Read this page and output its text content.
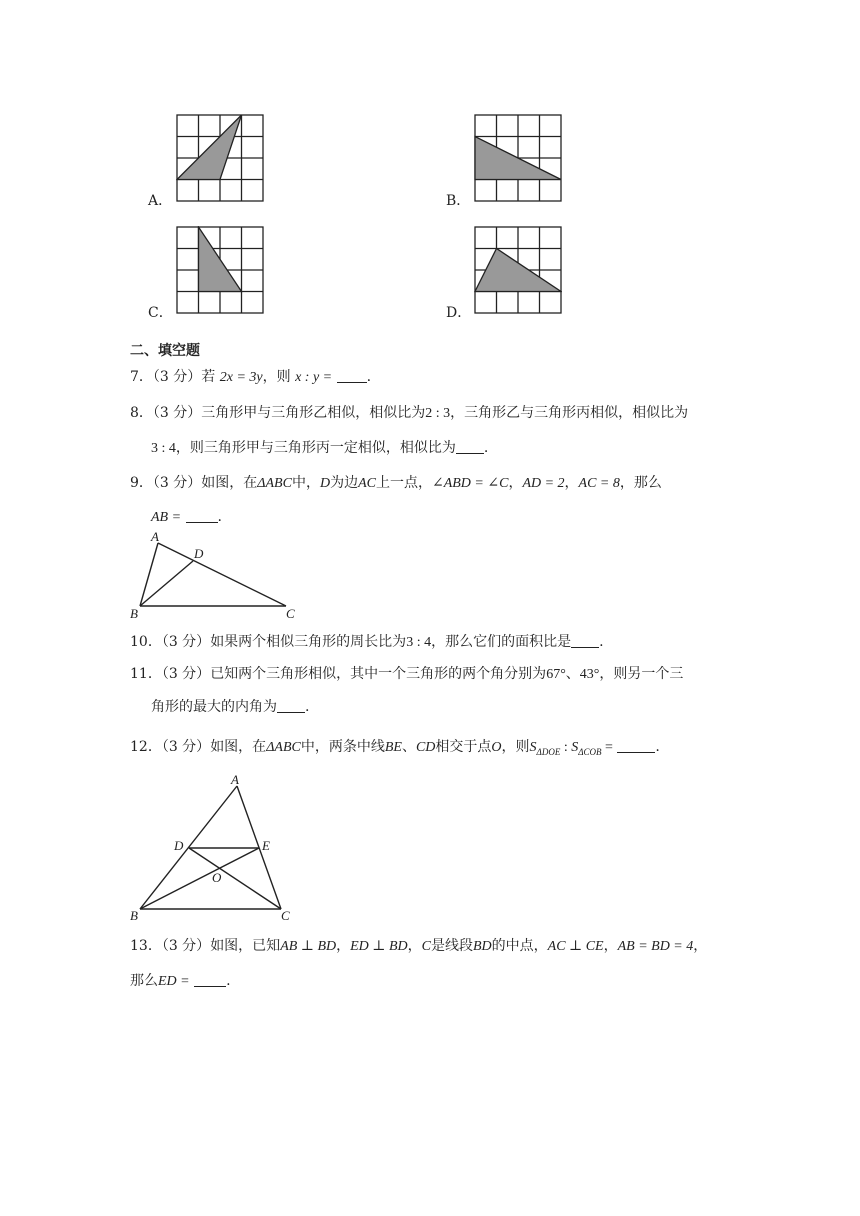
A．	B．
C．	D．
二、填空题
7．（3 分）若 2x = 3y，则 x : y = .
8．（3 分）三角形甲与三角形乙相似，相似比为2 : 3，三角形乙与三角形丙相似，相似比为
3 : 4，则三角形甲与三角形丙一定相似，相似比为 .
9．（3 分）如图，在ΔABC中，D为边AC上一点，∠ABD = ∠C，AD = 2，AC = 8，那么
AB =	.
A
D
B	C
10．（3 分）如果两个相似三角形的周长比为3 : 4，那么它们的面积比是 .
11．（3 分）已知两个三角形相似，其中一个三角形的两个角分别为67°、43°，则另一个三
角形的最大的内角为 .
12．（3 分）如图，在ΔABC中，两条中线BE、CD相交于点O，则$S_{\Delta DOE}$ : $S_{\Delta COB}$ =	.
A
D	E
O
B	C
13．（3 分）如图，已知AB ⊥ BD，ED ⊥ BD，C是线段BD的中点，AC ⊥ CE，AB = BD = 4，
那么ED =	.
